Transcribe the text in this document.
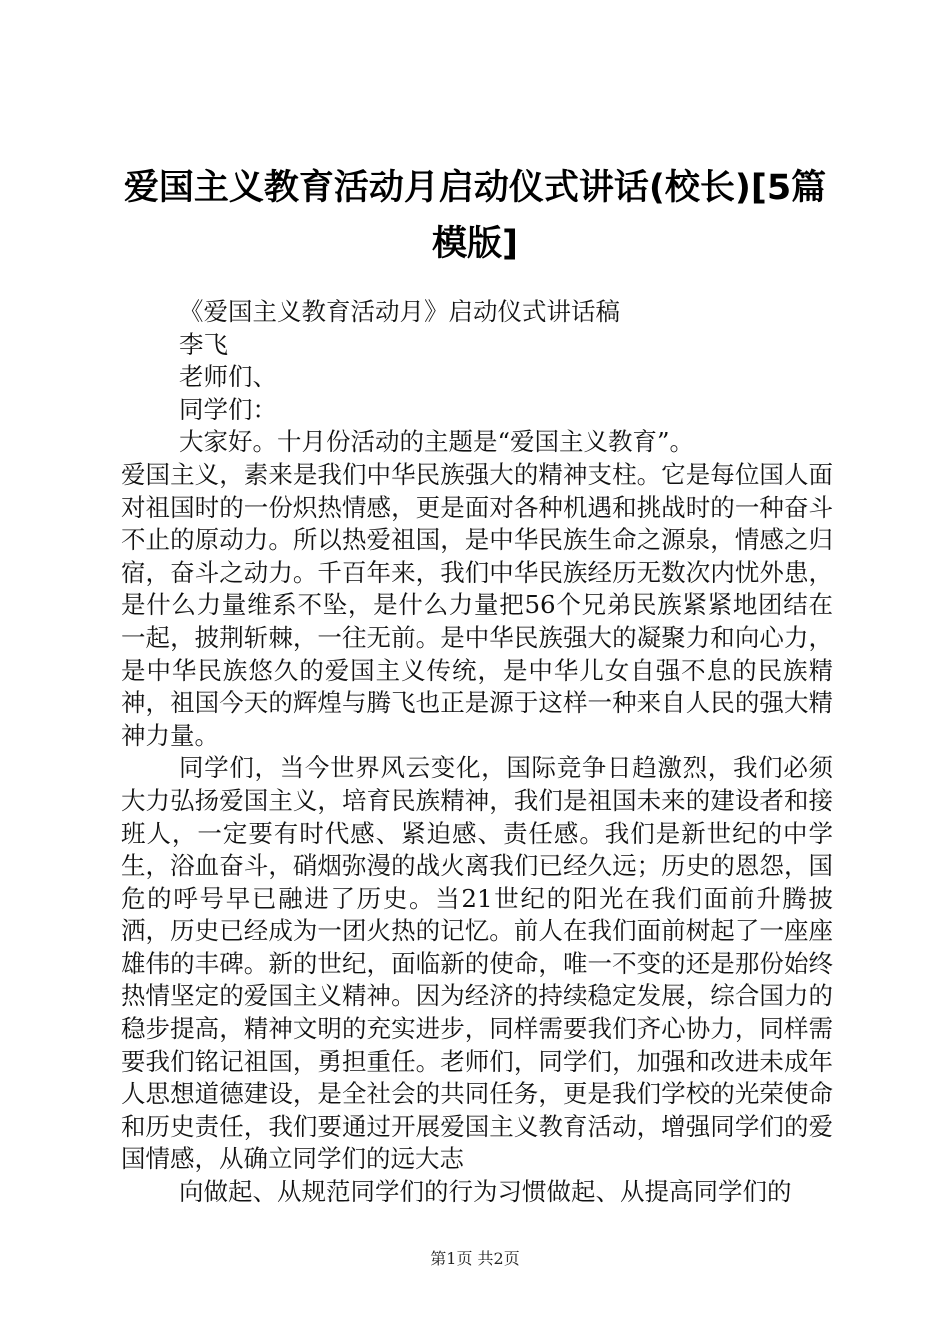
爱国主义教育活动月启动仪式讲话(校长)[5篇模版]
《爱国主义教育活动月》启动仪式讲话稿
李飞
老师们、
同学们：
大家好。十月份活动的主题是“爱国主义教育”。
爱国主义，素来是我们中华民族强大的精神支柱。它是每位国人面对祖国时的一份炽热情感，更是面对各种机遇和挑战时的一种奋斗不止的原动力。所以热爱祖国，是中华民族生命之源泉，情感之归宿，奋斗之动力。千百年来，我们中华民族经历无数次内忧外患，是什么力量维系不坠，是什么力量把56个兄弟民族紧紧地团结在一起，披荆斩棘，一往无前。是中华民族强大的凝聚力和向心力，是中华民族悠久的爱国主义传统，是中华儿女自强不息的民族精神，祖国今天的辉煌与腾飞也正是源于这样一种来自人民的强大精神力量。
同学们，当今世界风云变化，国际竞争日趋激烈，我们必须大力弘扬爱国主义，培育民族精神，我们是祖国未来的建设者和接班人，一定要有时代感、紧迫感、责任感。我们是新世纪的中学生，浴血奋斗，硝烟弥漫的战火离我们已经久远；历史的恩怨，国危的呼号早已融进了历史。当21世纪的阳光在我们面前升腾披洒，历史已经成为一团火热的记忆。前人在我们面前树起了一座座雄伟的丰碑。新的世纪，面临新的使命，唯一不变的还是那份始终热情坚定的爱国主义精神。因为经济的持续稳定发展，综合国力的稳步提高，精神文明的充实进步，同样需要我们齐心协力，同样需要我们铭记祖国，勇担重任。老师们，同学们，加强和改进未成年人思想道德建设，是全社会的共同任务，更是我们学校的光荣使命和历史责任，我们要通过开展爱国主义教育活动，增强同学们的爱国情感，从确立同学们的远大志
向做起、从规范同学们的行为习惯做起、从提高同学们的
第1页 共2页
